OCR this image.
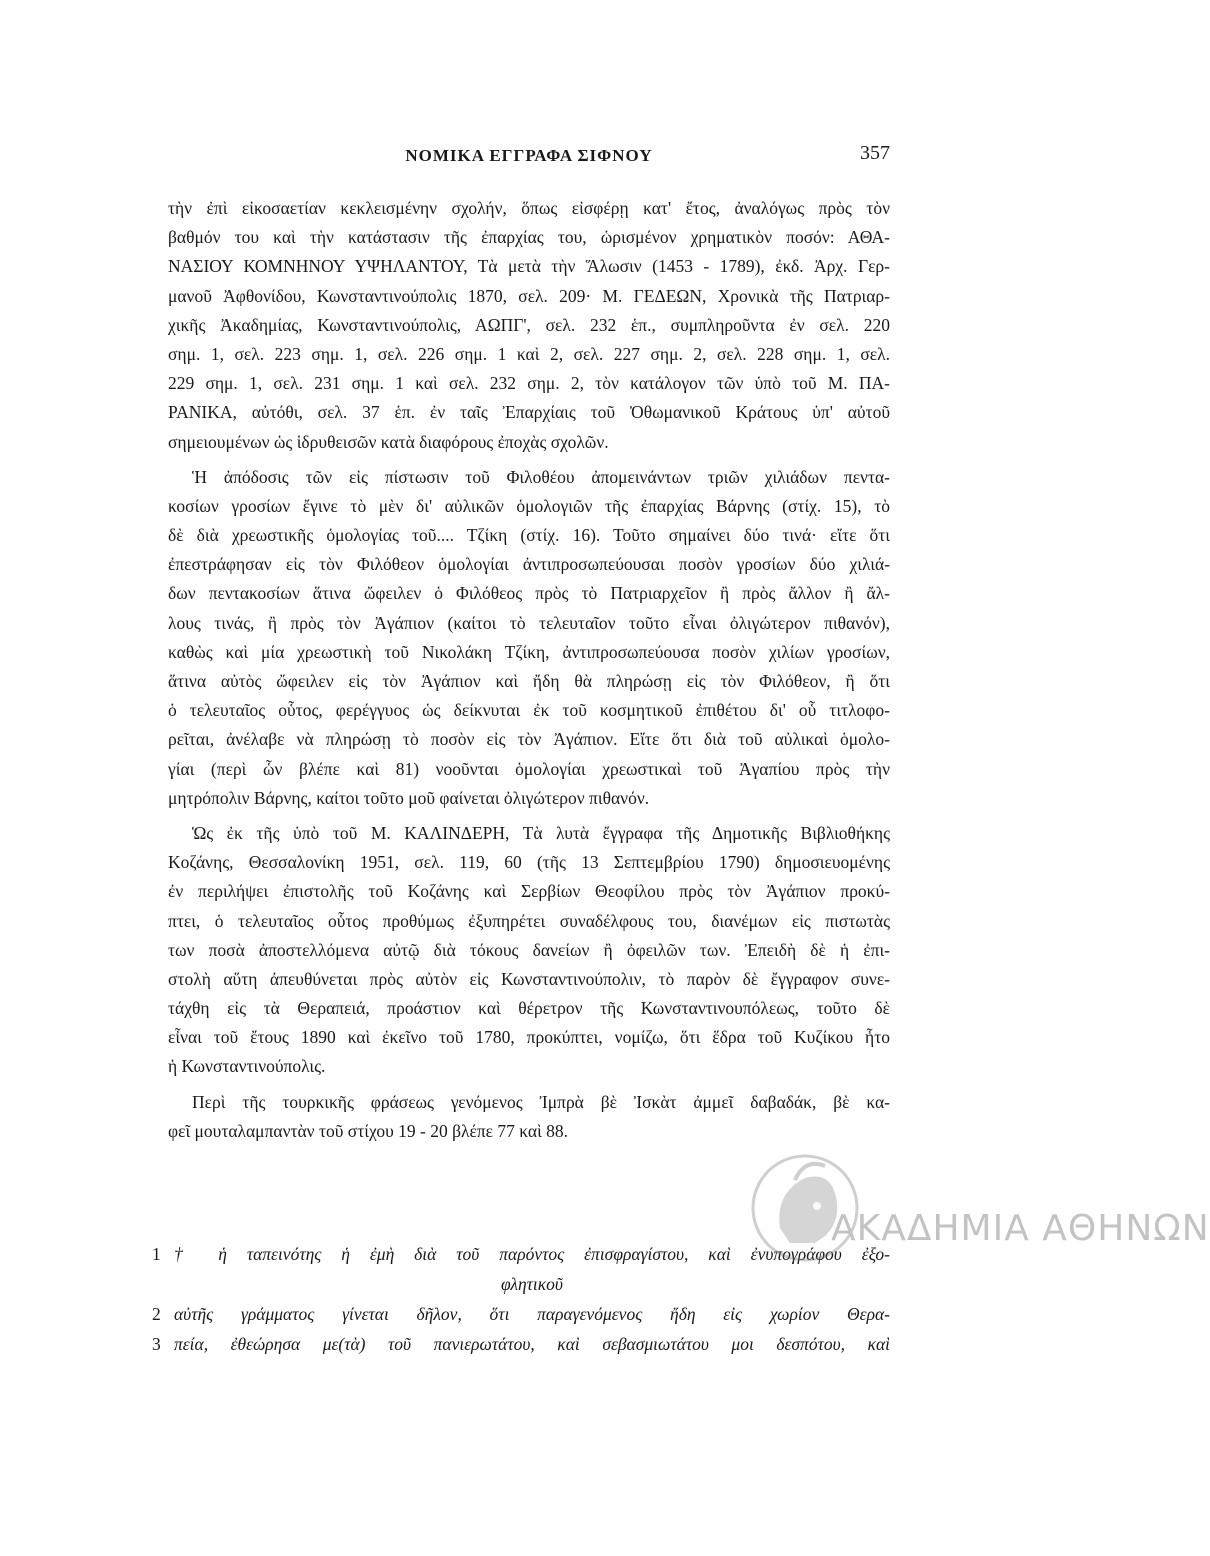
ΝΟΜΙΚΑ ΕΓΓΡΑΦΑ ΣΙΦΝΟΥ	357
τὴν ἐπὶ εἰκοσαετίαν κεκλεισμένην σχολήν, ὅπως εἰσφέρῃ κατ' ἔτος, ἀναλόγως πρὸς τὸν
βαθμόν του καὶ τὴν κατάστασιν τῆς ἐπαρχίας του, ὡρισμένον χρηματικὸν ποσόν: ΑΘΑ-
ΝΑΣΙΟΥ ΚΟΜΝΗΝΟΥ ΥΨΗΛΑΝΤΟΥ, Τὰ μετὰ τὴν Ἅλωσιν (1453 - 1789), ἐκδ. Ἀρχ. Γερ-
μανοῦ Ἀφθονίδου, Κωνσταντινούπολις 1870, σελ. 209· Μ. ΓΕΔΕΩΝ, Χρονικὰ τῆς Πατριαρ-
χικῆς Ἀκαδημίας, Κωνσταντινούπολις, ΑΩΠΓ', σελ. 232 ἑπ., συμπληροῦντα ἐν σελ. 220
σημ. 1, σελ. 223 σημ. 1, σελ. 226 σημ. 1 καὶ 2, σελ. 227 σημ. 2, σελ. 228 σημ. 1, σελ.
229 σημ. 1, σελ. 231 σημ. 1 καὶ σελ. 232 σημ. 2, τὸν κατάλογον τῶν ὑπὸ τοῦ Μ. ΠΑ-
ΡΑΝΙΚΑ, αὐτόθι, σελ. 37 ἑπ. ἐν ταῖς Ἐπαρχίαις τοῦ Ὀθωμανικοῦ Κράτους ὑπ' αὐτοῦ
σημειουμένων ὡς ἱδρυθεισῶν κατὰ διαφόρους ἐποχὰς σχολῶν.
Ἡ ἀπόδοσις τῶν εἰς πίστωσιν τοῦ Φιλοθέου ἀπομεινάντων τριῶν χιλιάδων πεντα-
κοσίων γροσίων ἔγινε τὸ μὲν δι' αὐλικῶν ὁμολογιῶν τῆς ἐπαρχίας Βάρνης (στίχ. 15), τὸ
δὲ διὰ χρεωστικῆς ὁμολογίας τοῦ.... Τζίκη (στίχ. 16). Τοῦτο σημαίνει δύο τινά· εἴτε ὅτι
ἐπεστράφησαν εἰς τὸν Φιλόθεον ὁμολογίαι ἀντιπροσωπεύουσαι ποσὸν γροσίων δύο χιλιά-
δων πεντακοσίων ἅτινα ὤφειλεν ὁ Φιλόθεος πρὸς τὸ Πατριαρχεῖον ἢ πρὸς ἄλλον ἢ ἄλ-
λους τινάς, ἢ πρὸς τὸν Ἀγάπιον (καίτοι τὸ τελευταῖον τοῦτο εἶναι ὀλιγώτερον πιθανόν),
καθὼς καὶ μία χρεωστικὴ τοῦ Νικολάκη Τζίκη, ἀντιπροσωπεύουσα ποσὸν χιλίων γροσίων,
ἅτινα αὐτὸς ὤφειλεν εἰς τὸν Ἀγάπιον καὶ ἤδη θὰ πληρώσῃ εἰς τὸν Φιλόθεον, ἢ ὅτι
ὁ τελευταῖος οὗτος, φερέγγυος ὡς δείκνυται ἐκ τοῦ κοσμητικοῦ ἐπιθέτου δι' οὗ τιτλοφο-
ρεῖται, ἀνέλαβε νὰ πληρώσῃ τὸ ποσὸν εἰς τὸν Ἀγάπιον. Εἴτε ὅτι διὰ τοῦ αὐλικαὶ ὁμολο-
γίαι (περὶ ὧν βλέπε καὶ 81) νοοῦνται ὁμολογίαι χρεωστικαὶ τοῦ Ἀγαπίου πρὸς τὴν
μητρόπολιν Βάρνης, καίτοι τοῦτο μοῦ φαίνεται ὀλιγώτερον πιθανόν.
Ὡς ἐκ τῆς ὑπὸ τοῦ Μ. ΚΑΛΙΝΔΕΡΗ, Τὰ λυτὰ ἔγγραφα τῆς Δημοτικῆς Βιβλιοθήκης
Κοζάνης, Θεσσαλονίκη 1951, σελ. 119, 60 (τῆς 13 Σεπτεμβρίου 1790) δημοσιευομένης
ἐν περιλήψει ἐπιστολῆς τοῦ Κοζάνης καὶ Σερβίων Θεοφίλου πρὸς τὸν Ἀγάπιον προκύ-
πτει, ὁ τελευταῖος οὗτος προθύμως ἐξυπηρέτει συναδέλφους του, διανέμων εἰς πιστωτὰς
των ποσὰ ἀποστελλόμενα αὐτῷ διὰ τόκους δανείων ἢ ὀφειλῶν των. Ἐπειδὴ δὲ ἡ ἐπι-
στολὴ αὕτη ἀπευθύνεται πρὸς αὐτὸν εἰς Κωνσταντινούπολιν, τὸ παρὸν δὲ ἔγγραφον συνε-
τάχθη εἰς τὰ Θεραπειά, προάστιον καὶ θέρετρον τῆς Κωνσταντινουπόλεως, τοῦτο δὲ
εἶναι τοῦ ἔτους 1890 καὶ ἐκεῖνο τοῦ 1780, προκύπτει, νομίζω, ὅτι ἕδρα τοῦ Κυζίκου ἦτο
ἡ Κωνσταντινούπολις.
Περὶ τῆς τουρκικῆς φράσεως γενόμενος Ἰμπρὰ βὲ Ἰσκὰτ ἀμμεῖ δαβαδάκ, βὲ κα-
φεῖ μουταλαμπαντὰν τοῦ στίχου 19 - 20 βλέπε 77 καὶ 88.
1 † ἡ ταπεινότης ἡ ἐμὴ διὰ τοῦ παρόντος ἐπισφραγίστου, καὶ ἐνυπογράφου ἐξο-
φλητικοῦ
2 αὐτῆς γράμματος γίνεται δῆλον, ὅτι παραγενόμενος ἤδη εἰς χωρίον Θερα-
3 πεία, ἐθεώρησα με(τὰ) τοῦ πανιερωτάτου, καὶ σεβασμιωτάτου μοι δεσπότου, καὶ
ΑΚΑΔΗΜΙΑ ΑΘΗΝΩΝ
